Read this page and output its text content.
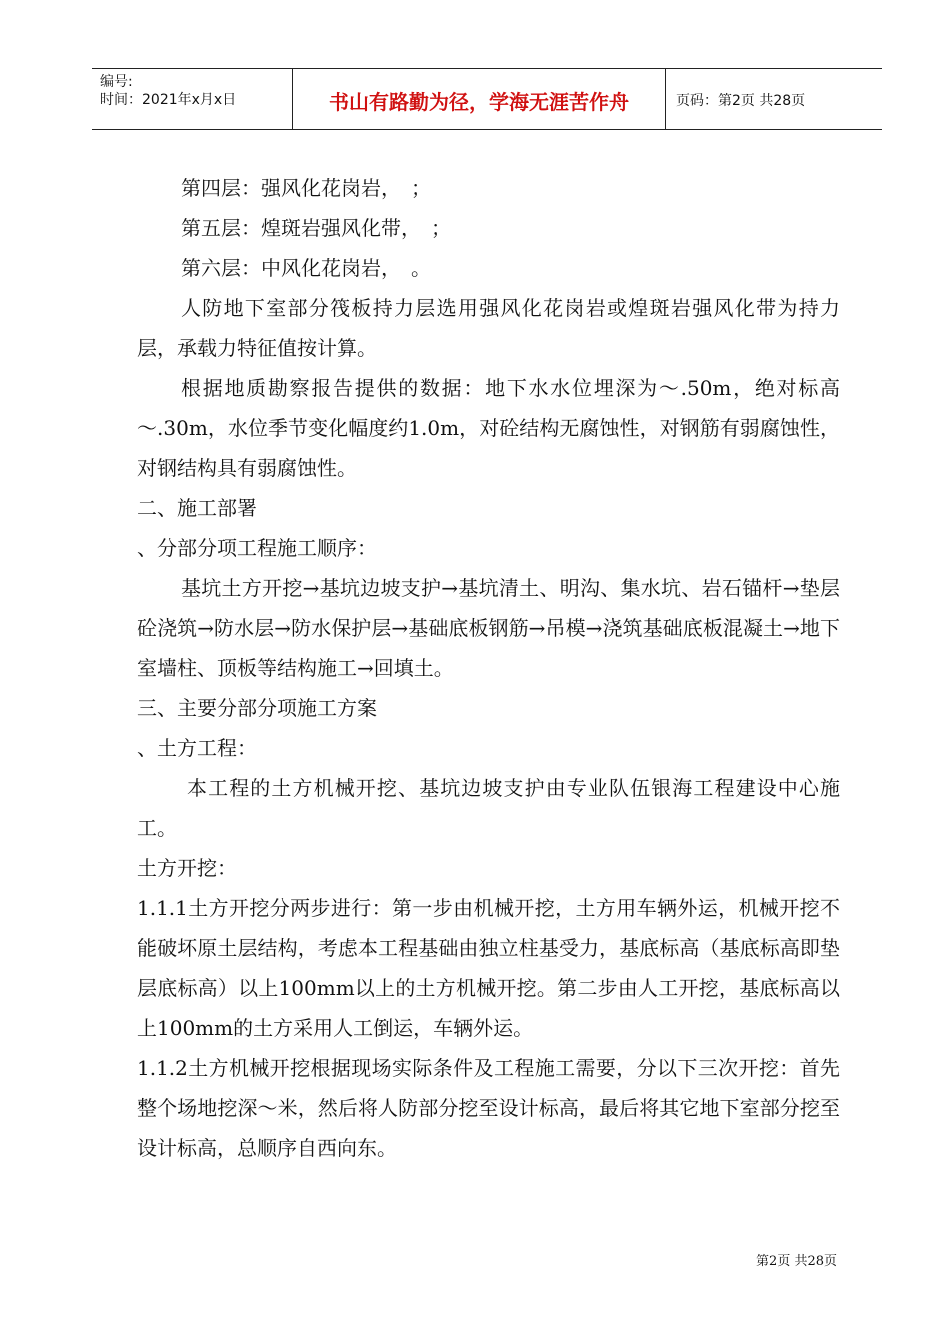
编号:
时间：2021年x月x日	书山有路勤为径，学海无涯苦作舟	页码：第2页 共28页

第四层：强风化花岗岩，　；

第五层：煌斑岩强风化带，　；

第六层：中风化花岗岩，　。

人防地下室部分筏板持力层选用强风化花岗岩或煌斑岩强风化带为持力层，承载力特征值按计算。

根据地质勘察报告提供的数据：地下水水位埋深为～.50m，绝对标高～.30m，水位季节变化幅度约1.0m，对砼结构无腐蚀性，对钢筋有弱腐蚀性，对钢结构具有弱腐蚀性。

二、施工部署

、分部分项工程施工顺序：

基坑土方开挖→基坑边坡支护→基坑清土、明沟、集水坑、岩石锚杆→垫层砼浇筑→防水层→防水保护层→基础底板钢筋→吊模→浇筑基础底板混凝土→地下室墙柱、顶板等结构施工→回填土。

三、主要分部分项施工方案

、土方工程：

本工程的土方机械开挖、基坑边坡支护由专业队伍银海工程建设中心施工。

土方开挖：

1.1.1土方开挖分两步进行：第一步由机械开挖，土方用车辆外运，机械开挖不能破坏原土层结构，考虑本工程基础由独立柱基受力，基底标高（基底标高即垫层底标高）以上100mm以上的土方机械开挖。第二步由人工开挖，基底标高以上100mm的土方采用人工倒运，车辆外运。

1.1.2土方机械开挖根据现场实际条件及工程施工需要，分以下三次开挖：首先整个场地挖深～米，然后将人防部分挖至设计标高，最后将其它地下室部分挖至设计标高，总顺序自西向东。

第2页 共28页
